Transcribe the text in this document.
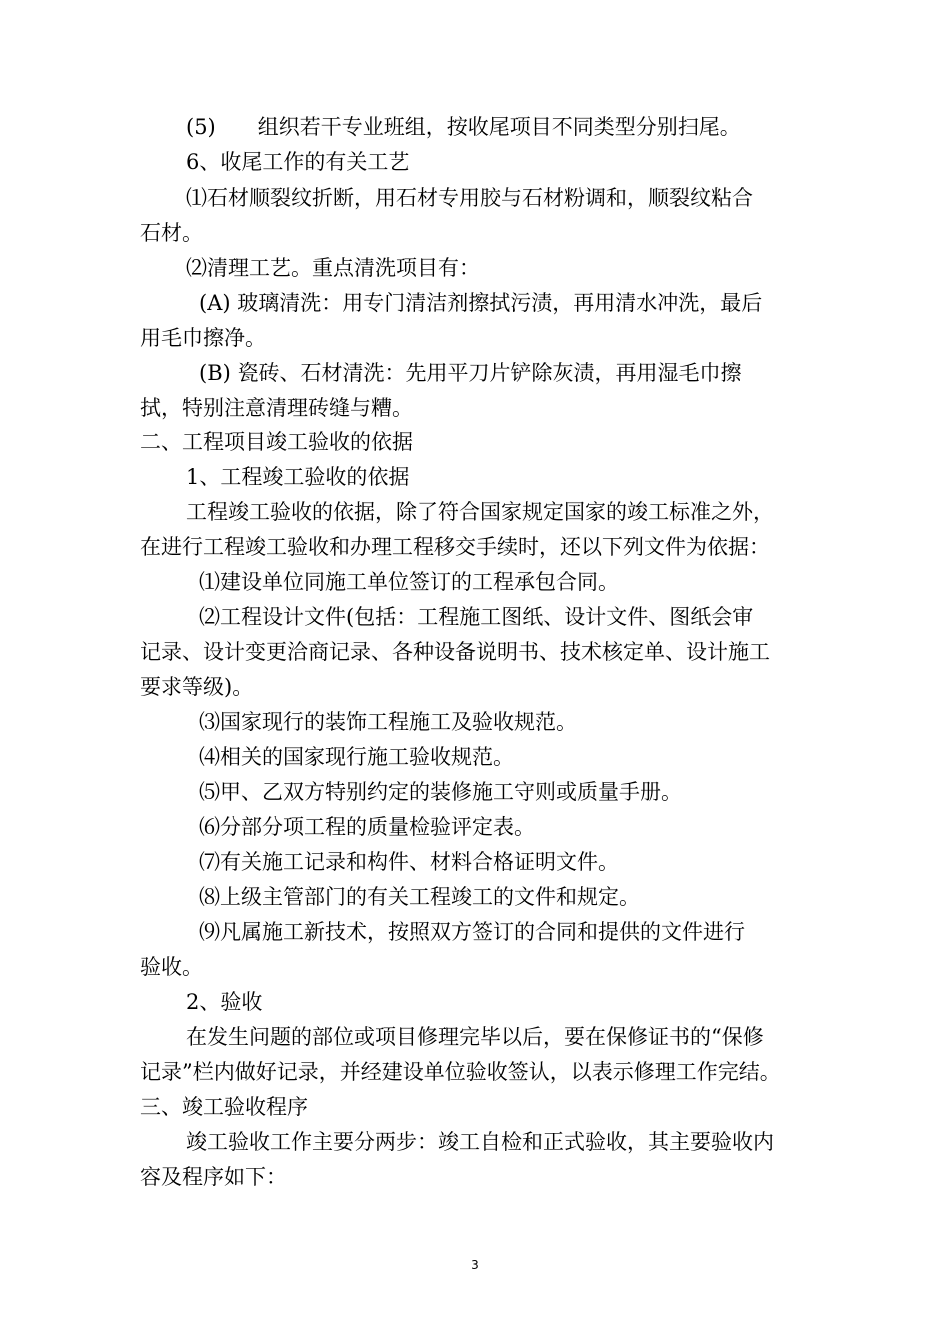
(5)　　组织若干专业班组，按收尾项目不同类型分别扫尾。
6、收尾工作的有关工艺
⑴石材顺裂纹折断，用石材专用胶与石材粉调和，顺裂纹粘合
石材。
⑵清理工艺。重点清洗项目有：
(A) 玻璃清洗：用专门清洁剂擦拭污渍，再用清水冲洗，最后
用毛巾擦净。
(B) 瓷砖、石材清洗：先用平刀片铲除灰渍，再用湿毛巾擦
拭，特别注意清理砖缝与糟。
二、工程项目竣工验收的依据
1、工程竣工验收的依据
工程竣工验收的依据，除了符合国家规定国家的竣工标准之外，
在进行工程竣工验收和办理工程移交手续时，还以下列文件为依据：
⑴建设单位同施工单位签订的工程承包合同。
⑵工程设计文件(包括：工程施工图纸、设计文件、图纸会审
记录、设计变更洽商记录、各种设备说明书、技术核定单、设计施工
要求等级)。
⑶国家现行的装饰工程施工及验收规范。
⑷相关的国家现行施工验收规范。
⑸甲、乙双方特别约定的装修施工守则或质量手册。
⑹分部分项工程的质量检验评定表。
⑺有关施工记录和构件、材料合格证明文件。
⑻上级主管部门的有关工程竣工的文件和规定。
⑼凡属施工新技术，按照双方签订的合同和提供的文件进行
验收。
2、验收
在发生问题的部位或项目修理完毕以后，要在保修证书的“保修
记录”栏内做好记录，并经建设单位验收签认，以表示修理工作完结。
三、竣工验收程序
竣工验收工作主要分两步：竣工自检和正式验收，其主要验收内
容及程序如下：
3
